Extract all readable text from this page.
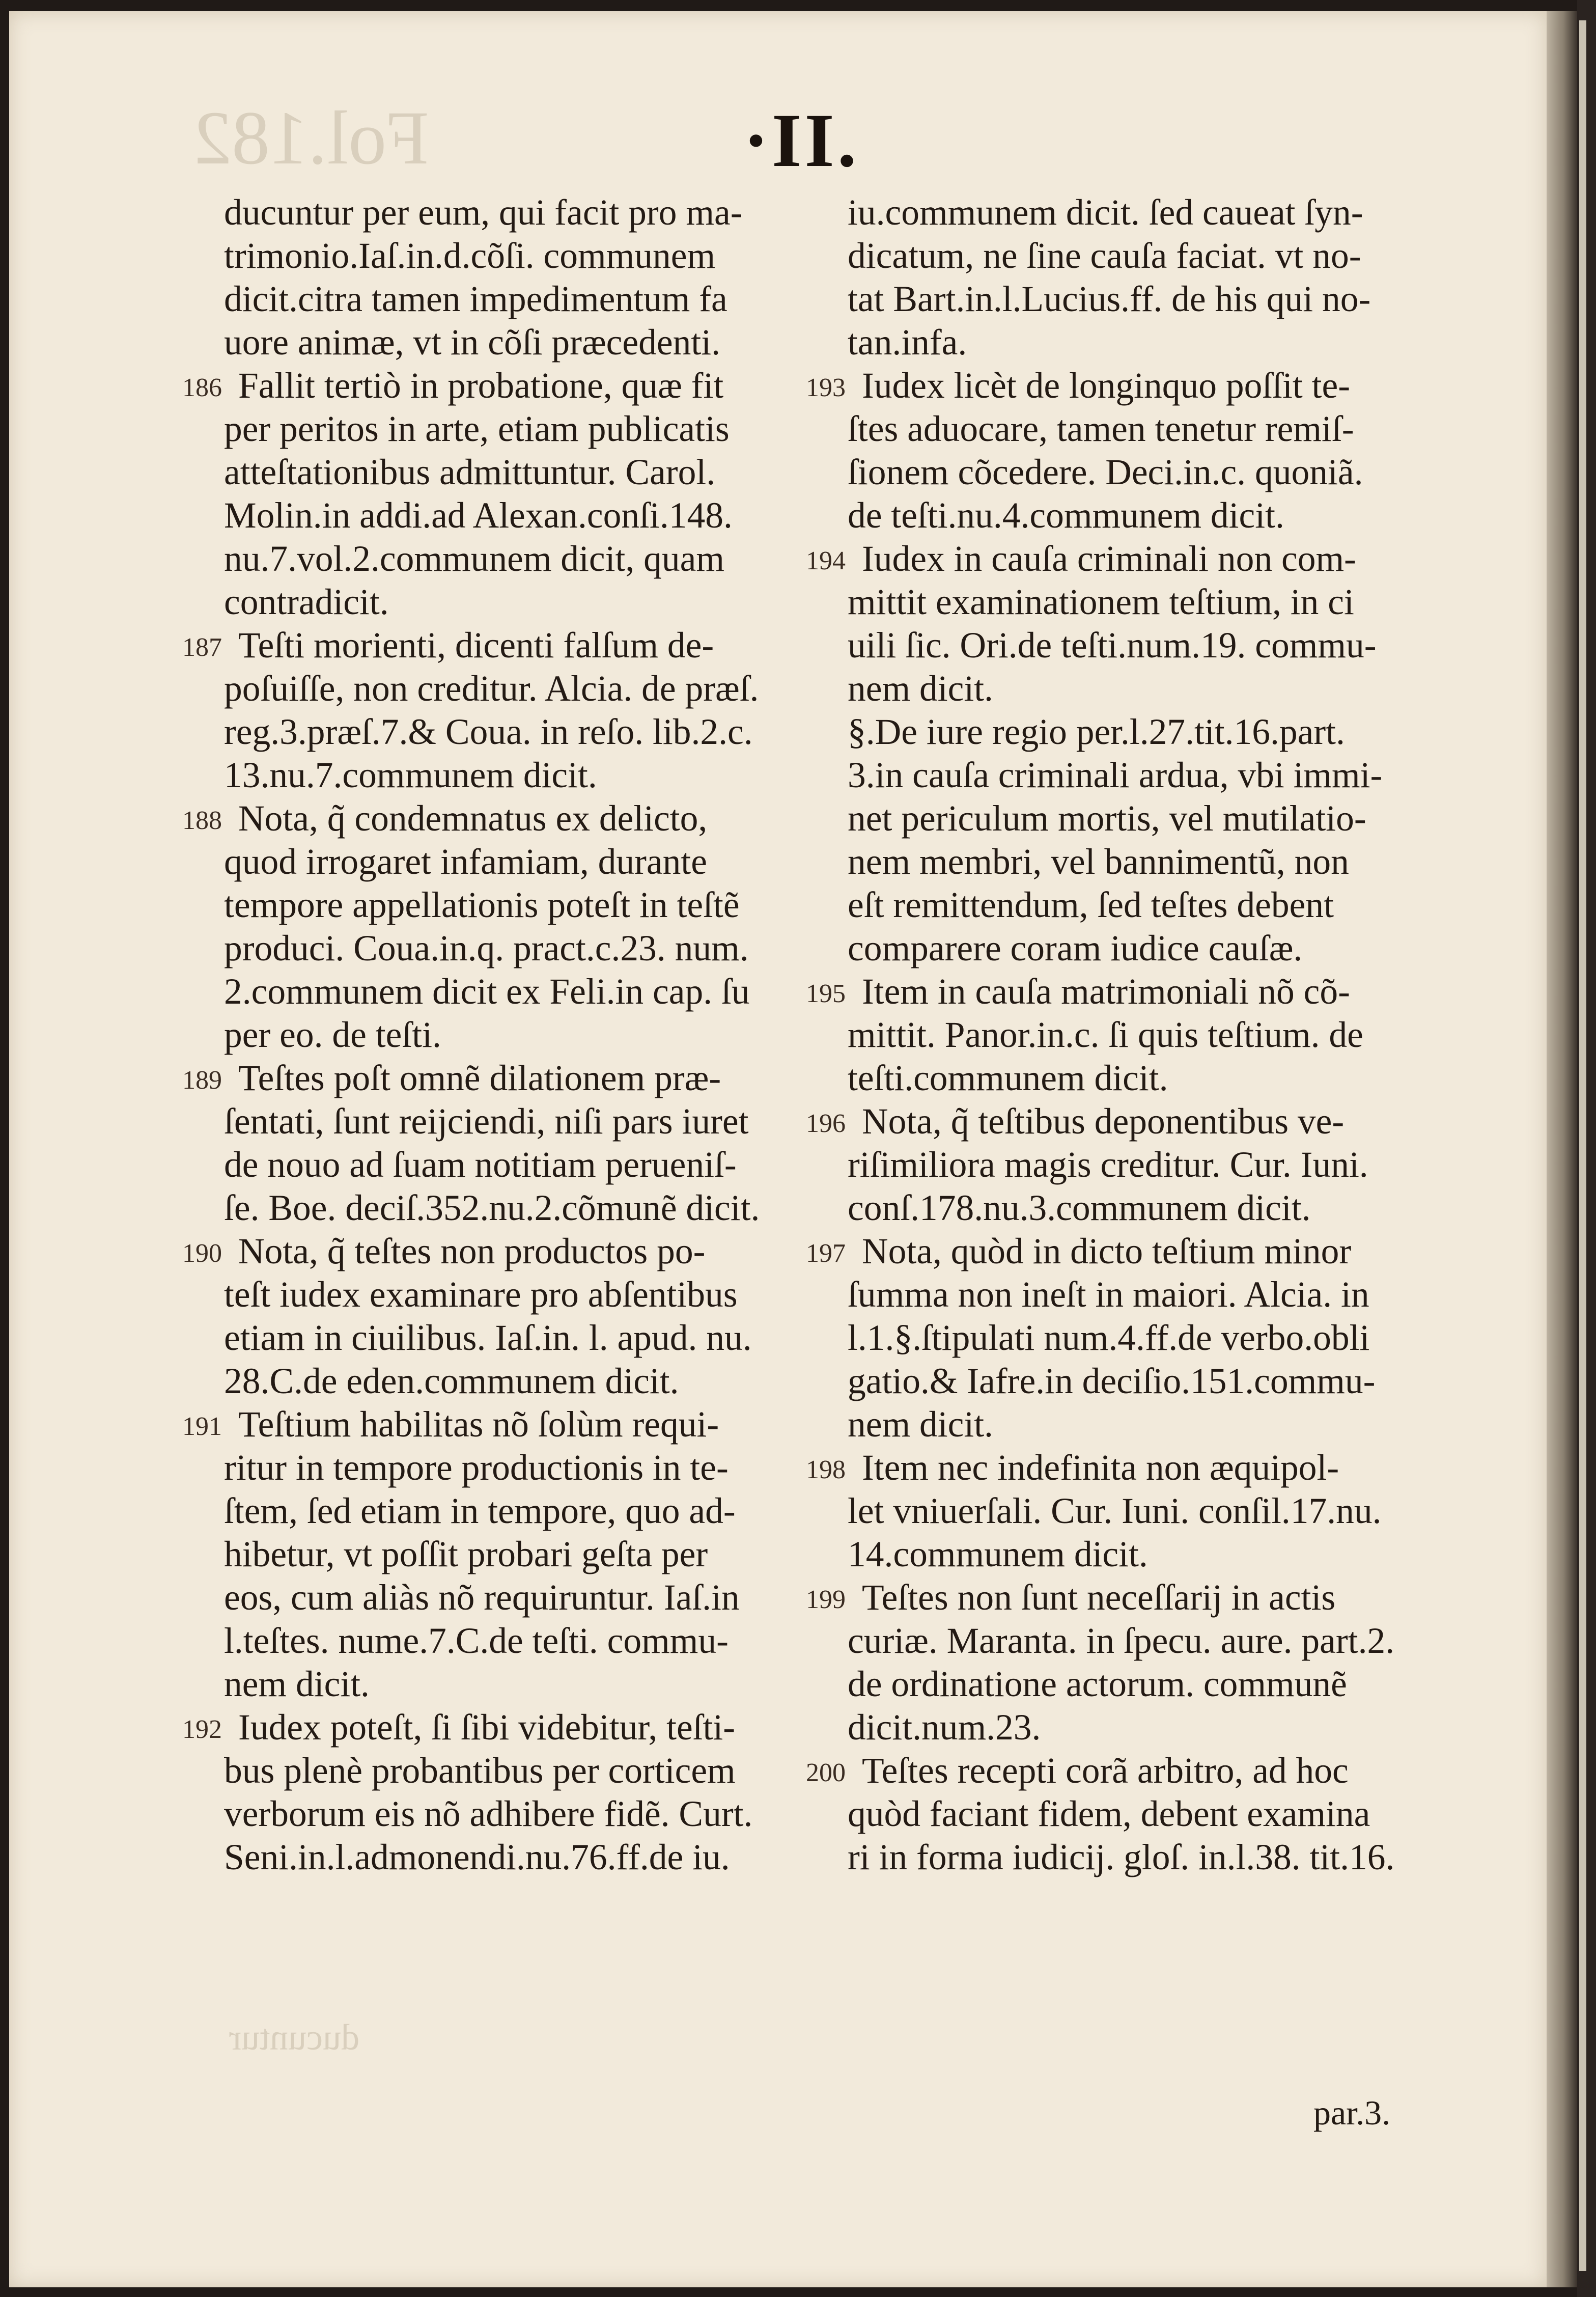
Fol.182
ducuntur
·II.
ducuntur per eum, qui facit pro ma-
trimonio.Iaſ.in.d.cõſi. communem
dicit.citra tamen impedimentum fa
uore animæ, vt in cõſi præcedenti.
186 Fallit tertiò in probatione, quæ fit
per peritos in arte, etiam publicatis
atteſtationibus admittuntur. Carol.
Molin.in addi.ad Alexan.conſi.148.
nu.7.vol.2.communem dicit, quam
contradicit.
187 Teſti morienti, dicenti falſum de-
poſuiſſe, non creditur. Alcia. de præſ.
reg.3.præſ.7.& Coua. in reſo. lib.2.c.
13.nu.7.communem dicit.
188 Nota, q̃ condemnatus ex delicto,
quod irrogaret infamiam, durante
tempore appellationis poteſt in teſtẽ
produci. Coua.in.q. pract.c.23. num.
2.communem dicit ex Feli.in cap. ſu
per eo. de teſti.
189 Teſtes poſt omnẽ dilationem præ-
ſentati, ſunt reijciendi, niſi pars iuret
de nouo ad ſuam notitiam perueniſ-
ſe. Boe. deciſ.352.nu.2.cõmunẽ dicit.
190 Nota, q̃ teſtes non productos po-
teſt iudex examinare pro abſentibus
etiam in ciuilibus. Iaſ.in. l. apud. nu.
28.C.de eden.communem dicit.
191 Teſtium habilitas nõ ſolùm requi-
ritur in tempore productionis in te-
ſtem, ſed etiam in tempore, quo ad-
hibetur, vt poſſit probari geſta per
eos, cum aliàs nõ requiruntur. Iaſ.in
l.teſtes. nume.7.C.de teſti. commu-
nem dicit.
192 Iudex poteſt, ſi ſibi videbitur, teſti-
bus plenè probantibus per corticem
verborum eis nõ adhibere fidẽ. Curt.
Seni.in.l.admonendi.nu.76.ff.de iu.
iu.communem dicit. ſed caueat ſyn-
dicatum, ne ſine cauſa faciat. vt no-
tat Bart.in.l.Lucius.ff. de his qui no-
tan.infa.
193 Iudex licèt de longinquo poſſit te-
ſtes aduocare, tamen tenetur remiſ-
ſionem cõcedere. Deci.in.c. quoniã.
de teſti.nu.4.communem dicit.
194 Iudex in cauſa criminali non com-
mittit examinationem teſtium, in ci
uili ſic. Ori.de teſti.num.19. commu-
nem dicit.
§.De iure regio per.l.27.tit.16.part.
3.in cauſa criminali ardua, vbi immi-
net periculum mortis, vel mutilatio-
nem membri, vel bannimentũ, non
eſt remittendum, ſed teſtes debent
comparere coram iudice cauſæ.
195 Item in cauſa matrimoniali nõ cõ-
mittit. Panor.in.c. ſi quis teſtium. de
teſti.communem dicit.
196 Nota, q̃ teſtibus deponentibus ve-
riſimiliora magis creditur. Cur. Iuni.
conſ.178.nu.3.communem dicit.
197 Nota, quòd in dicto teſtium minor
ſumma non ineſt in maiori. Alcia. in
l.1.§.ſtipulati num.4.ff.de verbo.obli
gatio.& Iafre.in deciſio.151.commu-
nem dicit.
198 Item nec indefinita non æquipol-
let vniuerſali. Cur. Iuni. conſil.17.nu.
14.communem dicit.
199 Teſtes non ſunt neceſſarij in actis
curiæ. Maranta. in ſpecu. aure. part.2.
de ordinatione actorum. communẽ
dicit.num.23.
200 Teſtes recepti corã arbitro, ad hoc
quòd faciant fidem, debent examina
ri in forma iudicij. gloſ. in.l.38. tit.16.
par.3.
